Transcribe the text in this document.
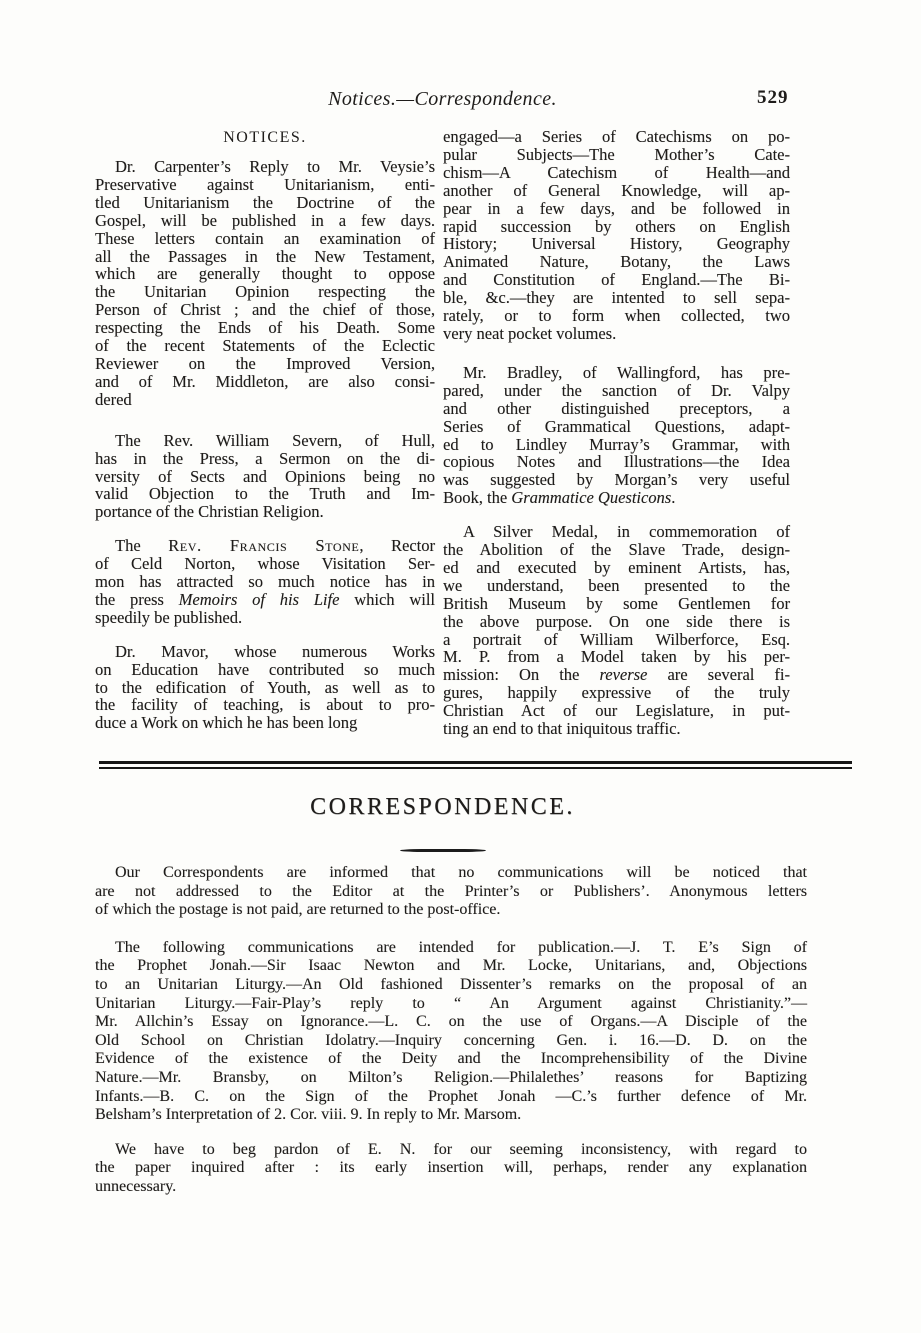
Notices.—Correspondence.	529
NOTICES.
Dr. Carpenter’s Reply to Mr. Veysie’s
Preservative against Unitarianism, enti-
tled Unitarianism the Doctrine of the
Gospel, will be published in a few days.
These letters contain an examination of
all the Passages in the New Testament,
which are generally thought to oppose
the Unitarian Opinion respecting the
Person of Christ ; and the chief of those,
respecting the Ends of his Death. Some
of the recent Statements of the Eclectic
Reviewer on the Improved Version,
and of Mr. Middleton, are also consi-
dered
The Rev. William Severn, of Hull,
has in the Press, a Sermon on the di-
versity of Sects and Opinions being no
valid Objection to the Truth and Im-
portance of the Christian Religion.
The Rev. Francis Stone, Rector
of Celd Norton, whose Visitation Ser-
mon has attracted so much notice has in
the press Memoirs of his Life which will
speedily be published.
Dr. Mavor, whose numerous Works
on Education have contributed so much
to the edification of Youth, as well as to
the facility of teaching, is about to pro-
duce a Work on which he has been long
engaged—a Series of Catechisms on po-
pular Subjects—The Mother’s Cate-
chism—A Catechism of Health—and
another of General Knowledge, will ap-
pear in a few days, and be followed in
rapid succession by others on English
History; Universal History, Geography
Animated Nature, Botany, the Laws
and Constitution of England.—The Bi-
ble, &c.—they are intented to sell sepa-
rately, or to form when collected, two
very neat pocket volumes.
Mr. Bradley, of Wallingford, has pre-
pared, under the sanction of Dr. Valpy
and other distinguished preceptors, a
Series of Grammatical Questions, adapt-
ed to Lindley Murray’s Grammar, with
copious Notes and Illustrations—the Idea
was suggested by Morgan’s very useful
Book, the Grammatice Questicons.
A Silver Medal, in commemoration of
the Abolition of the Slave Trade, design-
ed and executed by eminent Artists, has,
we understand, been presented to the
British Museum by some Gentlemen for
the above purpose. On one side there is
a portrait of William Wilberforce, Esq.
M. P. from a Model taken by his per-
mission: On the reverse are several fi-
gures, happily expressive of the truly
Christian Act of our Legislature, in put-
ting an end to that iniquitous traffic.
CORRESPONDENCE.
Our Correspondents are informed that no communications will be noticed that
are not addressed to the Editor at the Printer’s or Publishers’. Anonymous letters
of which the postage is not paid, are returned to the post-office.
The following communications are intended for publication.—J. T. E’s Sign of
the Prophet Jonah.—Sir Isaac Newton and Mr. Locke, Unitarians, and, Objections
to an Unitarian Liturgy.—An Old fashioned Dissenter’s remarks on the proposal of an
Unitarian Liturgy.—Fair-Play’s reply to “ An Argument against Christianity.”—
Mr. Allchin’s Essay on Ignorance.—L. C. on the use of Organs.—A Disciple of the
Old School on Christian Idolatry.—Inquiry concerning Gen. i. 16.—D. D. on the
Evidence of the existence of the Deity and the Incomprehensibility of the Divine
Nature.—Mr. Bransby, on Milton’s Religion.—Philalethes’ reasons for Baptizing
Infants.—B. C. on the Sign of the Prophet Jonah —C.’s further defence of Mr.
Belsham’s Interpretation of 2. Cor. viii. 9. In reply to Mr. Marsom.
We have to beg pardon of E. N. for our seeming inconsistency, with regard to
the paper inquired after : its early insertion will, perhaps, render any explanation
unnecessary.
